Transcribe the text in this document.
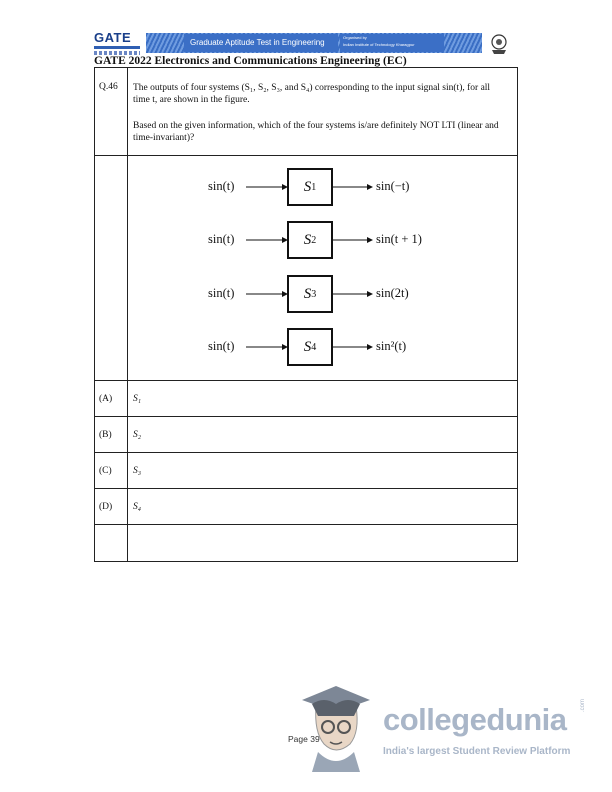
GATE	Graduate Aptitude Test in Engineering
Organised by
Indian Institute of Technology Kharagpur
GATE 2022 Electronics and Communications Engineering (EC)
Q.46 The outputs of four systems (S₁, S₂, S₃, and S₄) corresponding to the input signal sin(t), for all time t, are shown in the figure.
Based on the given information, which of the four systems is/are definitely NOT LTI (linear and time-invariant)?
sin(t)	S 1	sin(−t)
sin(t)	S 2	sin(t + 1)
sin(t)	S 3	sin(2t)
sin(t)	S 4	sin²(t)
(A) S₁
(B) S₂
(C) S₃
(D) S₄
Page 39
collegedunia .com
India's largest Student Review Platform
